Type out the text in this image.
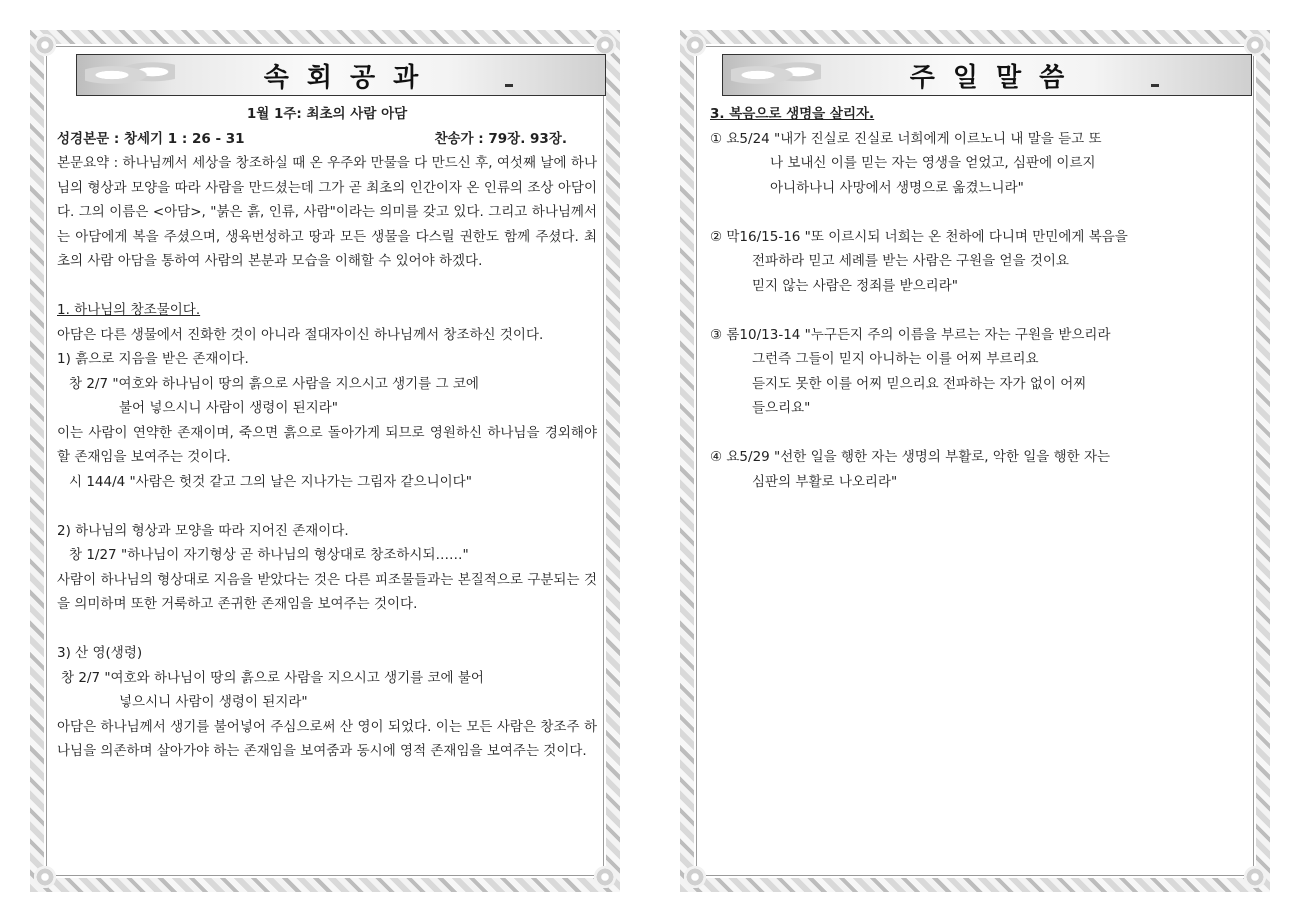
속회공과
1월 1주: 최초의 사람 아담
성경본문 : 창세기 1 : 26 - 31	찬송가 : 79장. 93장.
본문요약 : 하나님께서 세상을 창조하실 때 온 우주와 만물을 다 만드신 후, 여섯째 날에 하나님의 형상과 모양을 따라 사람을 만드셨는데 그가 곧 최초의 인간이자 온 인류의 조상 아담이다. 그의 이름은 <아담>, "붉은 흙, 인류, 사람"이라는 의미를 갖고 있다. 그리고 하나님께서는 아담에게 복을 주셨으며, 생육번성하고 땅과 모든 생물을 다스릴 권한도 함께 주셨다. 최초의 사람 아담을 통하여 사람의 본분과 모습을 이해할 수 있어야 하겠다.
1. 하나님의 창조물이다.
아담은 다른 생물에서 진화한 것이 아니라 절대자이신 하나님께서 창조하신 것이다.
1) 흙으로 지음을 받은 존재이다.
창 2/7 "여호와 하나님이 땅의 흙으로 사람을 지으시고 생기를 그 코에
불어 넣으시니 사람이 생령이 된지라"
이는 사람이 연약한 존재이며, 죽으면 흙으로 돌아가게 되므로 영원하신 하나님을 경외해야할 존재임을 보여주는 것이다.
시 144/4 "사람은 헛것 같고 그의 날은 지나가는 그림자 같으니이다"
2) 하나님의 형상과 모양을 따라 지어진 존재이다.
창 1/27 "하나님이 자기형상 곧 하나님의 형상대로 창조하시되……"
사람이 하나님의 형상대로 지음을 받았다는 것은 다른 피조물들과는 본질적으로 구분되는 것을 의미하며 또한 거룩하고 존귀한 존재임을 보여주는 것이다.
3) 산 영(생령)
창 2/7 "여호와 하나님이 땅의 흙으로 사람을 지으시고 생기를 코에 불어
넣으시니 사람이 생령이 된지라"
아담은 하나님께서 생기를 불어넣어 주심으로써 산 영이 되었다. 이는 모든 사람은 창조주 하나님을 의존하며 살아가야 하는 존재임을 보여줌과 동시에 영적 존재임을 보여주는 것이다.
주일말씀
3. 복음으로 생명을 살리자.
① 요5/24 "내가 진실로 진실로 너희에게 이르노니 내 말을 듣고 또
나 보내신 이를 믿는 자는 영생을 얻었고, 심판에 이르지
아니하나니 사망에서 생명으로 옮겼느니라"
② 막16/15-16 "또 이르시되 너희는 온 천하에 다니며 만민에게 복음을
전파하라 믿고 세례를 받는 사람은 구원을 얻을 것이요
믿지 않는 사람은 정죄를 받으리라"
③ 롬10/13-14 "누구든지 주의 이름을 부르는 자는 구원을 받으리라
그런즉 그들이 믿지 아니하는 이를 어찌 부르리요
듣지도 못한 이를 어찌 믿으리요 전파하는 자가 없이 어찌
들으리요"
④ 요5/29 "선한 일을 행한 자는 생명의 부활로, 악한 일을 행한 자는
심판의 부활로 나오리라"
